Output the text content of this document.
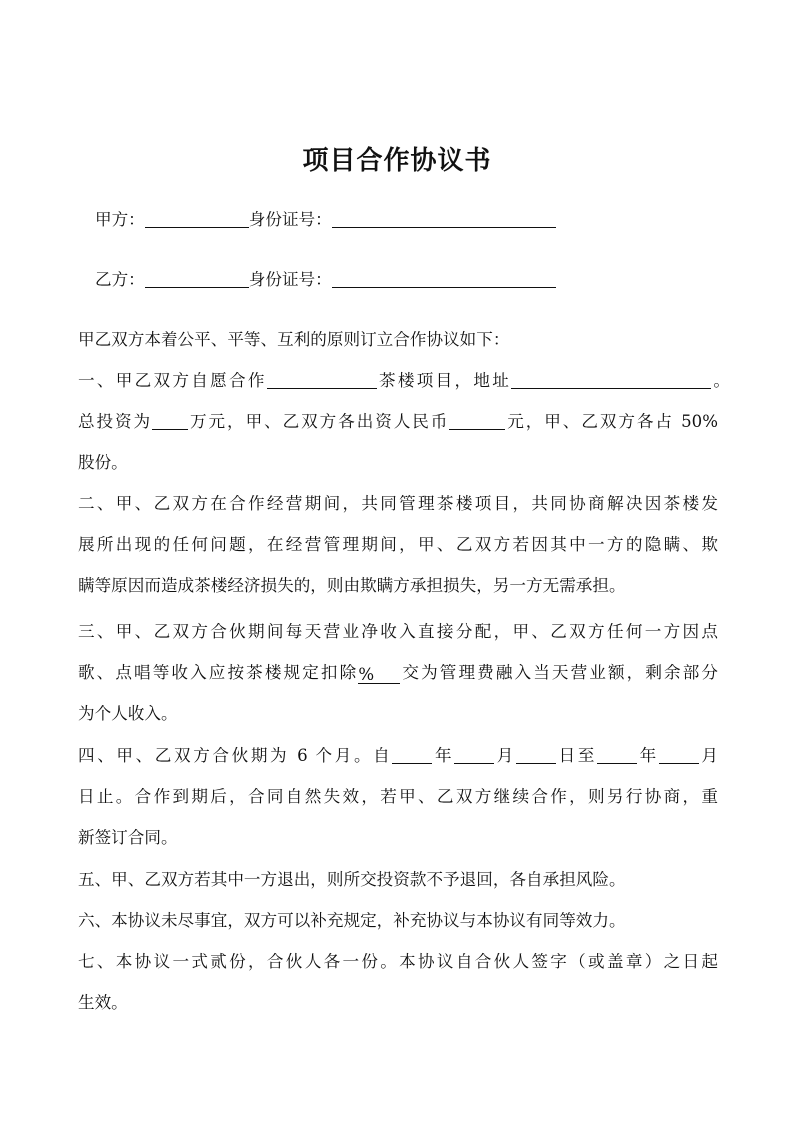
项目合作协议书
甲方：	身份证号：
乙方：	身份证号：
甲乙双方本着公平、平等、互利的原则订立合作协议如下：
一、甲乙双方自愿合作	茶楼项目，地址	。
总投资为 万元，甲、乙双方各出资人民币	元，甲、乙双方各占 50%
股份。
二、甲、乙双方在合作经营期间，共同管理茶楼项目，共同协商解决因茶楼发
展所出现的任何问题，在经营管理期间，甲、乙双方若因其中一方的隐瞒、欺
瞒等原因而造成茶楼经济损失的，则由欺瞒方承担损失，另一方无需承担。
三、甲、乙双方合伙期间每天营业净收入直接分配，甲、乙双方任何一方因点
歌、点唱等收入应按茶楼规定扣除% 交为管理费融入当天营业额，剩余部分
为个人收入。
四、甲、乙双方合伙期为 6 个月。自 年 月 日至 年 月
日止。合作到期后，合同自然失效，若甲、乙双方继续合作，则另行协商，重
新签订合同。
五、甲、乙双方若其中一方退出，则所交投资款不予退回，各自承担风险。
六、本协议未尽事宜，双方可以补充规定，补充协议与本协议有同等效力。
七、本协议一式贰份，合伙人各一份。本协议自合伙人签字（或盖章）之日起
生效。
